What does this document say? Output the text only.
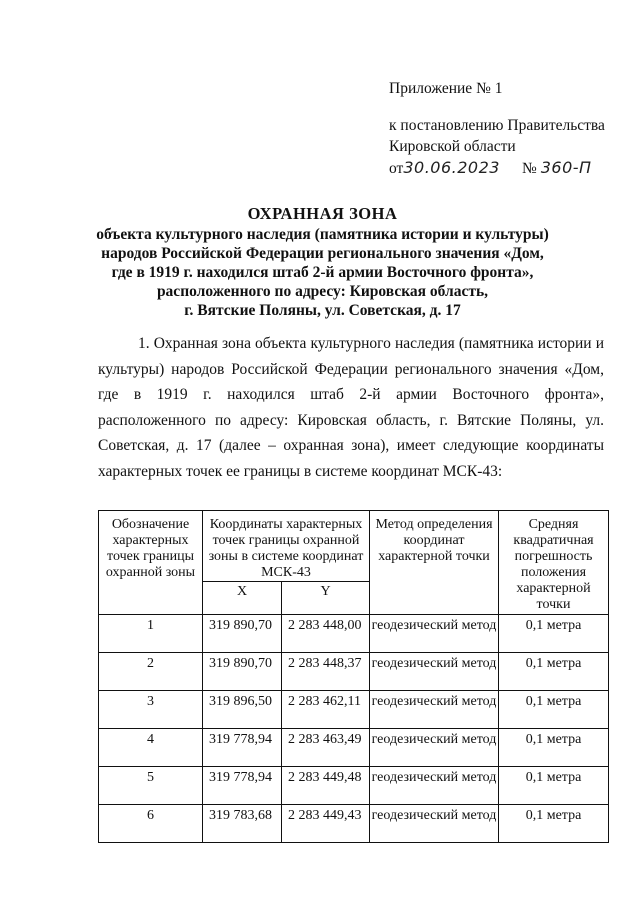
Приложение № 1
к постановлению Правительства
Кировской области
от 30.06.2023 № 360-П
ОХРАННАЯ ЗОНА
объекта культурного наследия (памятника истории и культуры)
народов Российской Федерации регионального значения «Дом,
где в 1919 г. находился штаб 2-й армии Восточного фронта»,
расположенного по адресу: Кировская область,
г. Вятские Поляны, ул. Советская, д. 17
1. Охранная зона объекта культурного наследия (памятника истории и культуры) народов Российской Федерации регионального значения «Дом, где в 1919 г. находился штаб 2-й армии Восточного фронта», расположенного по адресу: Кировская область, г. Вятские Поляны, ул. Советская, д. 17 (далее – охранная зона), имеет следующие координаты характерных точек ее границы в системе координат МСК-43:
Обозначение характерных точек границы охранной зоны	Координаты характерных точек границы охранной зоны в системе координат МСК-43		Метод определения координат характерной точки	Средняя квадратичная погрешность положения характерной точки
	X	Y		
1	319 890,70	2 283 448,00	геодезический метод	0,1 метра
2	319 890,70	2 283 448,37	геодезический метод	0,1 метра
3	319 896,50	2 283 462,11	геодезический метод	0,1 метра
4	319 778,94	2 283 463,49	геодезический метод	0,1 метра
5	319 778,94	2 283 449,48	геодезический метод	0,1 метра
6	319 783,68	2 283 449,43	геодезический метод	0,1 метра
